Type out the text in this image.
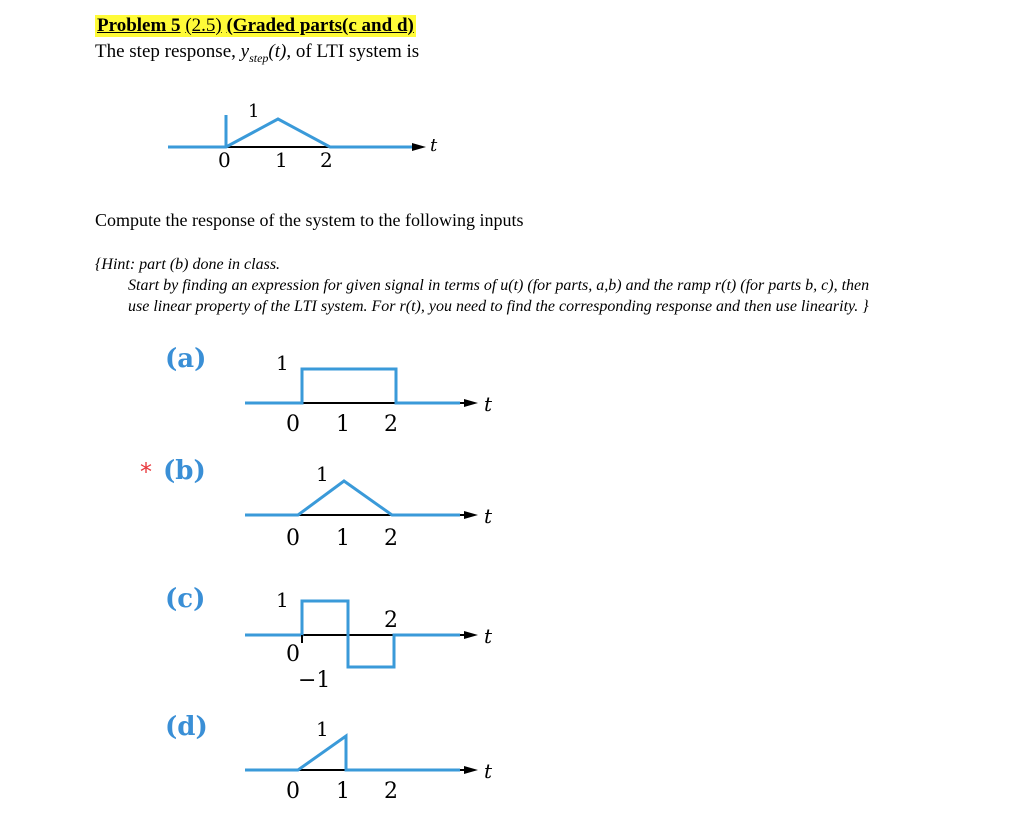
Problem 5 (2.5) (Graded parts(c and d)
The step response, $y_{step}(t)$, of LTI system is
1
0 1 2
t
Compute the response of the system to the following inputs
{Hint: part (b) done in class.
Start by finding an expression for given signal in terms of u(t) (for parts, a,b) and the ramp r(t) (for parts b, c), then
use linear property of the LTI system. For r(t), you need to find the corresponding response and then use linearity. }
(a)	1
0 1 2
t
* (b)	1
0 1 2
t
(c)	1
0
−1
2
t
(d)	1
0 1 2
t
